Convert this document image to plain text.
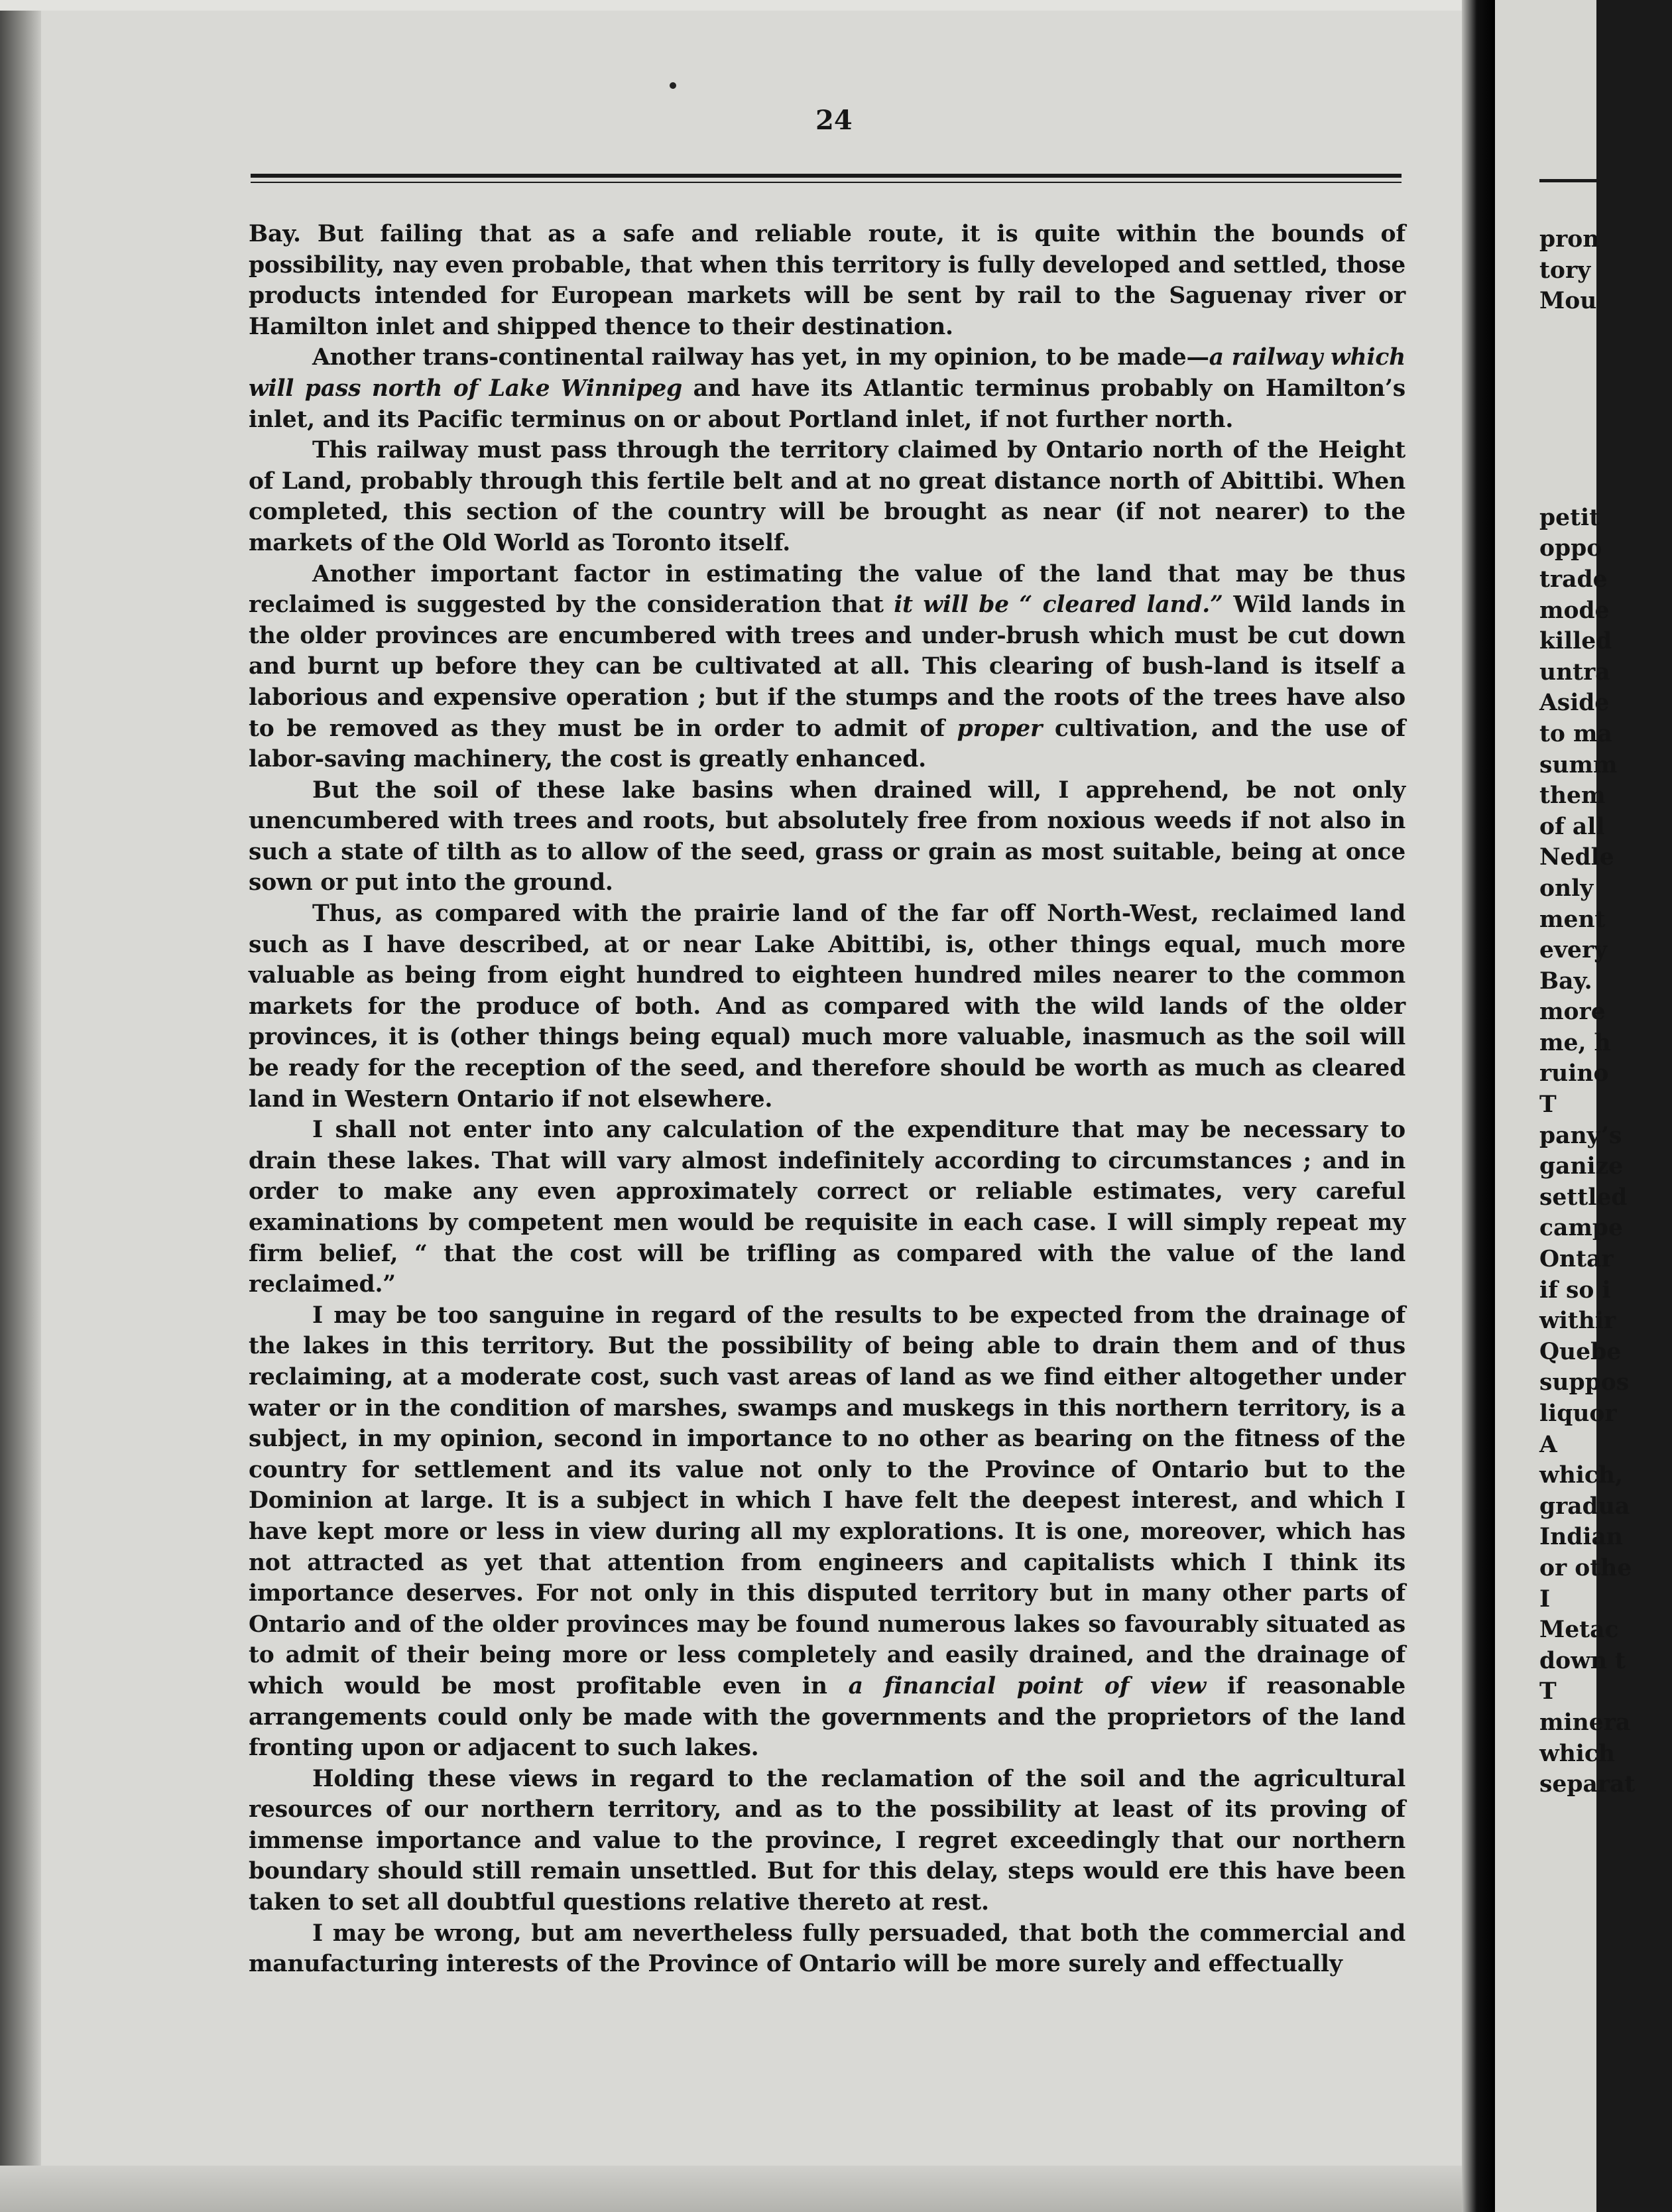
24

Bay. But failing that as a safe and reliable route, it is quite within the bounds of possibility, nay even probable, that when this territory is fully developed and settled, those products intended for European markets will be sent by rail to the Saguenay river or Hamilton inlet and shipped thence to their destination.

Another trans-continental railway has yet, in my opinion, to be made—a railway which will pass north of Lake Winnipeg and have its Atlantic terminus probably on Hamilton’s inlet, and its Pacific terminus on or about Portland inlet, if not further north.

This railway must pass through the territory claimed by Ontario north of the Height of Land, probably through this fertile belt and at no great distance north of Abittibi. When completed, this section of the country will be brought as near (if not nearer) to the markets of the Old World as Toronto itself.

Another important factor in estimating the value of the land that may be thus reclaimed is suggested by the consideration that it will be “ cleared land.” Wild lands in the older provinces are encumbered with trees and under-brush which must be cut down and burnt up before they can be cultivated at all. This clearing of bush-land is itself a laborious and expensive operation ; but if the stumps and the roots of the trees have also to be removed as they must be in order to admit of proper cultivation, and the use of labor-saving machinery, the cost is greatly enhanced.

But the soil of these lake basins when drained will, I apprehend, be not only unencumbered with trees and roots, but absolutely free from noxious weeds if not also in such a state of tilth as to allow of the seed, grass or grain as most suitable, being at once sown or put into the ground.

Thus, as compared with the prairie land of the far off North-West, reclaimed land such as I have described, at or near Lake Abittibi, is, other things equal, much more valuable as being from eight hundred to eighteen hundred miles nearer to the common markets for the produce of both. And as compared with the wild lands of the older provinces, it is (other things being equal) much more valuable, inasmuch as the soil will be ready for the reception of the seed, and therefore should be worth as much as cleared land in Western Ontario if not elsewhere.

I shall not enter into any calculation of the expenditure that may be necessary to drain these lakes. That will vary almost indefinitely according to circumstances ; and in order to make any even approximately correct or reliable estimates, very careful examinations by competent men would be requisite in each case. I will simply repeat my firm belief, “ that the cost will be trifling as compared with the value of the land reclaimed.”

I may be too sanguine in regard of the results to be expected from the drainage of the lakes in this territory. But the possibility of being able to drain them and of thus reclaiming, at a moderate cost, such vast areas of land as we find either altogether under water or in the condition of marshes, swamps and muskegs in this northern territory, is a subject, in my opinion, second in importance to no other as bearing on the fitness of the country for settlement and its value not only to the Province of Ontario but to the Dominion at large. It is a subject in which I have felt the deepest interest, and which I have kept more or less in view during all my explorations. It is one, moreover, which has not attracted as yet that attention from engineers and capitalists which I think its importance deserves. For not only in this disputed territory but in many other parts of Ontario and of the older provinces may be found numerous lakes so favourably situated as to admit of their being more or less completely and easily drained, and the drainage of which would be most profitable even in a financial point of view if reasonable arrangements could only be made with the governments and the proprietors of the land fronting upon or adjacent to such lakes.

Holding these views in regard to the reclamation of the soil and the agricultural resources of our northern territory, and as to the possibility at least of its proving of immense importance and value to the province, I regret exceedingly that our northern boundary should still remain unsettled. But for this delay, steps would ere this have been taken to set all doubtful questions relative thereto at rest.

I may be wrong, but am nevertheless fully persuaded, that both the commercial and manufacturing interests of the Province of Ontario will be more surely and effectually

pron
tory
Mou
petit
oppo
trade
mode
killed
untra
Aside
to ma
summ
them
of all
Nedle
only
ment
every
Bay.
more
me, h
ruino
T
pany’s
ganize
settled
campe
Ontar
if so i
withir
Quebe
suppos
liquor
A
which,
gradua
Indian
or othe
I
Metac
down t
T
minera
which
separat
